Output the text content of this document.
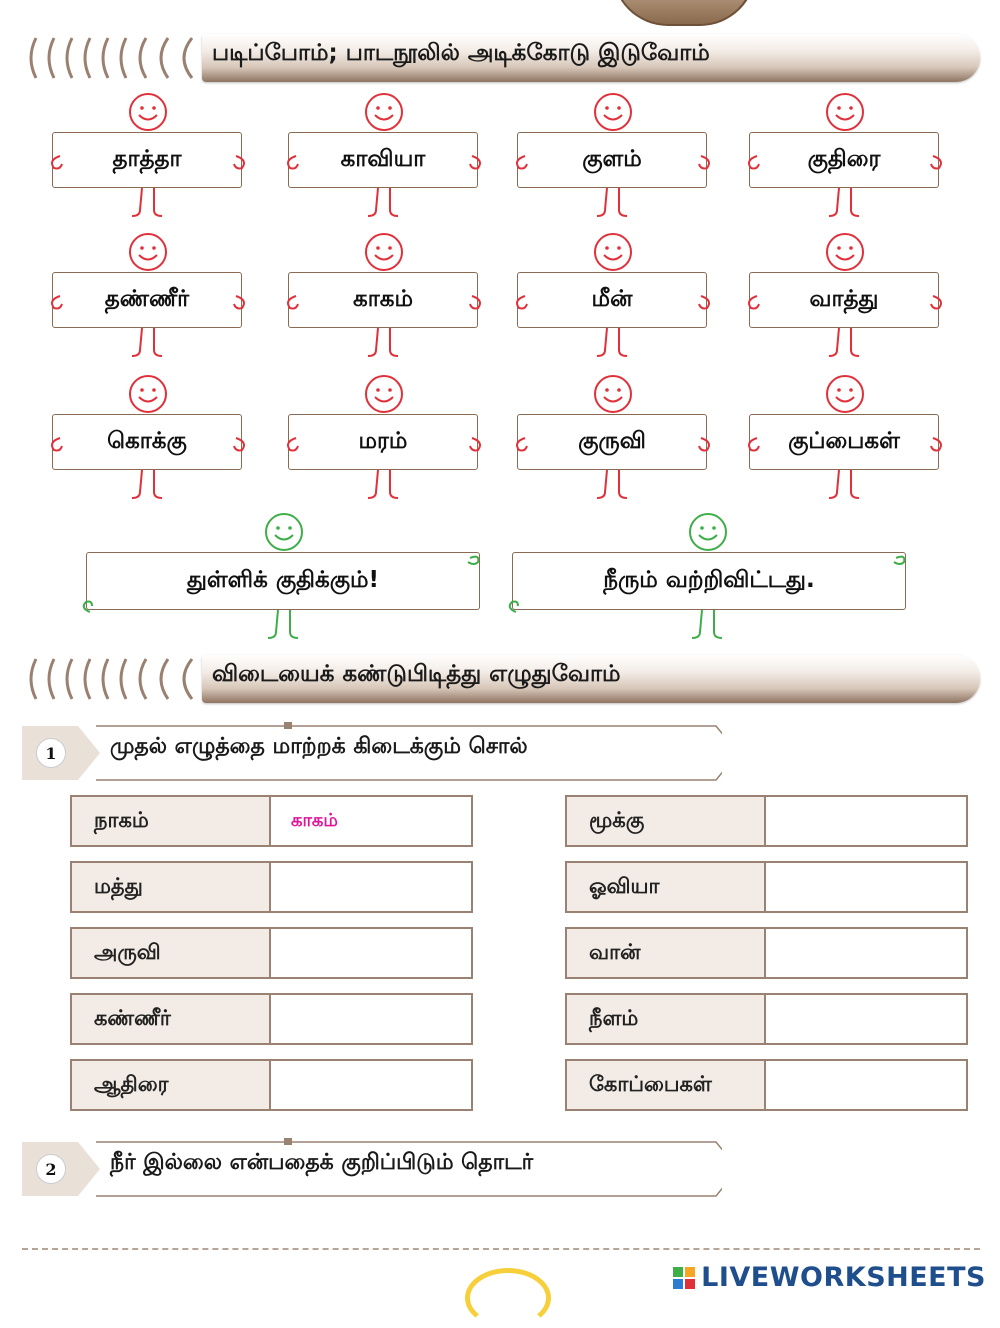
படிப்போம்; பாடநூலில் அடிக்கோடு இடுவோம்
தாத்தா	காவியா	குளம்	குதிரை
தண்ணீர்	காகம்	மீன்	வாத்து
கொக்கு	மரம்	குருவி	குப்பைகள்
துள்ளிக் குதிக்கும்!	நீரும் வற்றிவிட்டது.
விடையைக் கண்டுபிடித்து எழுதுவோம்
1	முதல் எழுத்தை மாற்றக் கிடைக்கும் சொல்
நாகம்	காகம்
மத்து
அருவி
கண்ணீர்
ஆதிரை
மூக்கு
ஓவியா
வான்
நீளம்
கோப்பைகள்
2	நீர் இல்லை என்பதைக் குறிப்பிடும் தொடர்
LIVEWORKSHEETS
